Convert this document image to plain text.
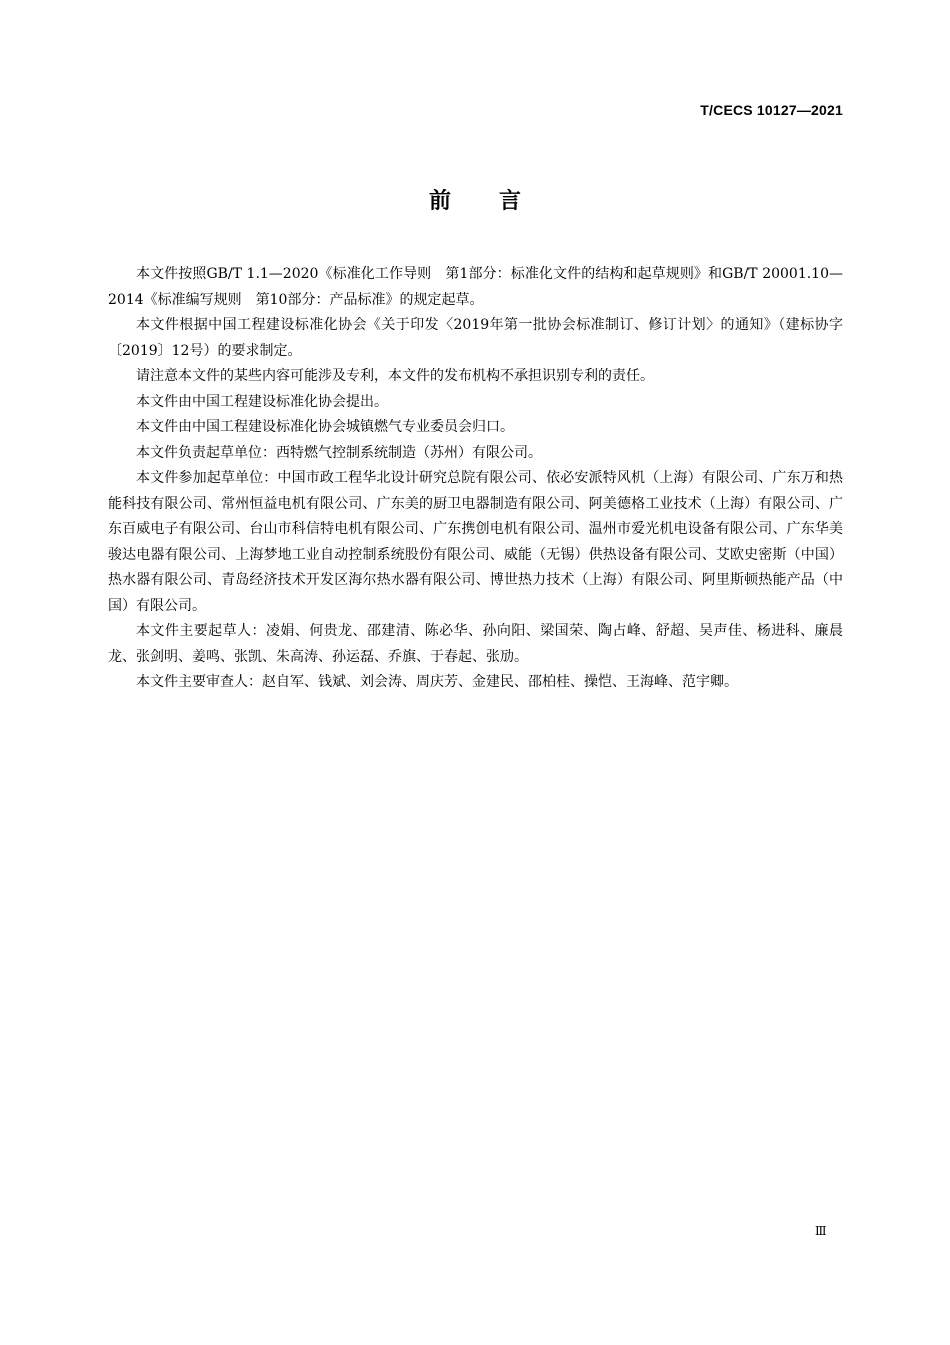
T/CECS 10127—2021
前言

本文件按照GB/T 1.1—2020《标准化工作导则　第1部分：标准化文件的结构和起草规则》和GB/T 20001.10—2014《标准编写规则　第10部分：产品标准》的规定起草。

本文件根据中国工程建设标准化协会《关于印发〈2019年第一批协会标准制订、修订计划〉的通知》（建标协字〔2019〕12号）的要求制定。

请注意本文件的某些内容可能涉及专利，本文件的发布机构不承担识别专利的责任。

本文件由中国工程建设标准化协会提出。

本文件由中国工程建设标准化协会城镇燃气专业委员会归口。

本文件负责起草单位：西特燃气控制系统制造（苏州）有限公司。

本文件参加起草单位：中国市政工程华北设计研究总院有限公司、依必安派特风机（上海）有限公司、广东万和热能科技有限公司、常州恒益电机有限公司、广东美的厨卫电器制造有限公司、阿美德格工业技术（上海）有限公司、广东百威电子有限公司、台山市科信特电机有限公司、广东携创电机有限公司、温州市爱光机电设备有限公司、广东华美骏达电器有限公司、上海梦地工业自动控制系统股份有限公司、威能（无锡）供热设备有限公司、艾欧史密斯（中国）热水器有限公司、青岛经济技术开发区海尔热水器有限公司、博世热力技术（上海）有限公司、阿里斯顿热能产品（中国）有限公司。

本文件主要起草人：凌娟、何贵龙、邵建清、陈必华、孙向阳、梁国荣、陶占峰、舒超、吴声佳、杨进科、廉晨龙、张剑明、姜鸣、张凯、朱高涛、孙运磊、乔旗、于春起、张劢。

本文件主要审查人：赵自军、钱斌、刘会涛、周庆芳、金建民、邵柏桂、操恺、王海峰、范宇卿。

Ⅲ
